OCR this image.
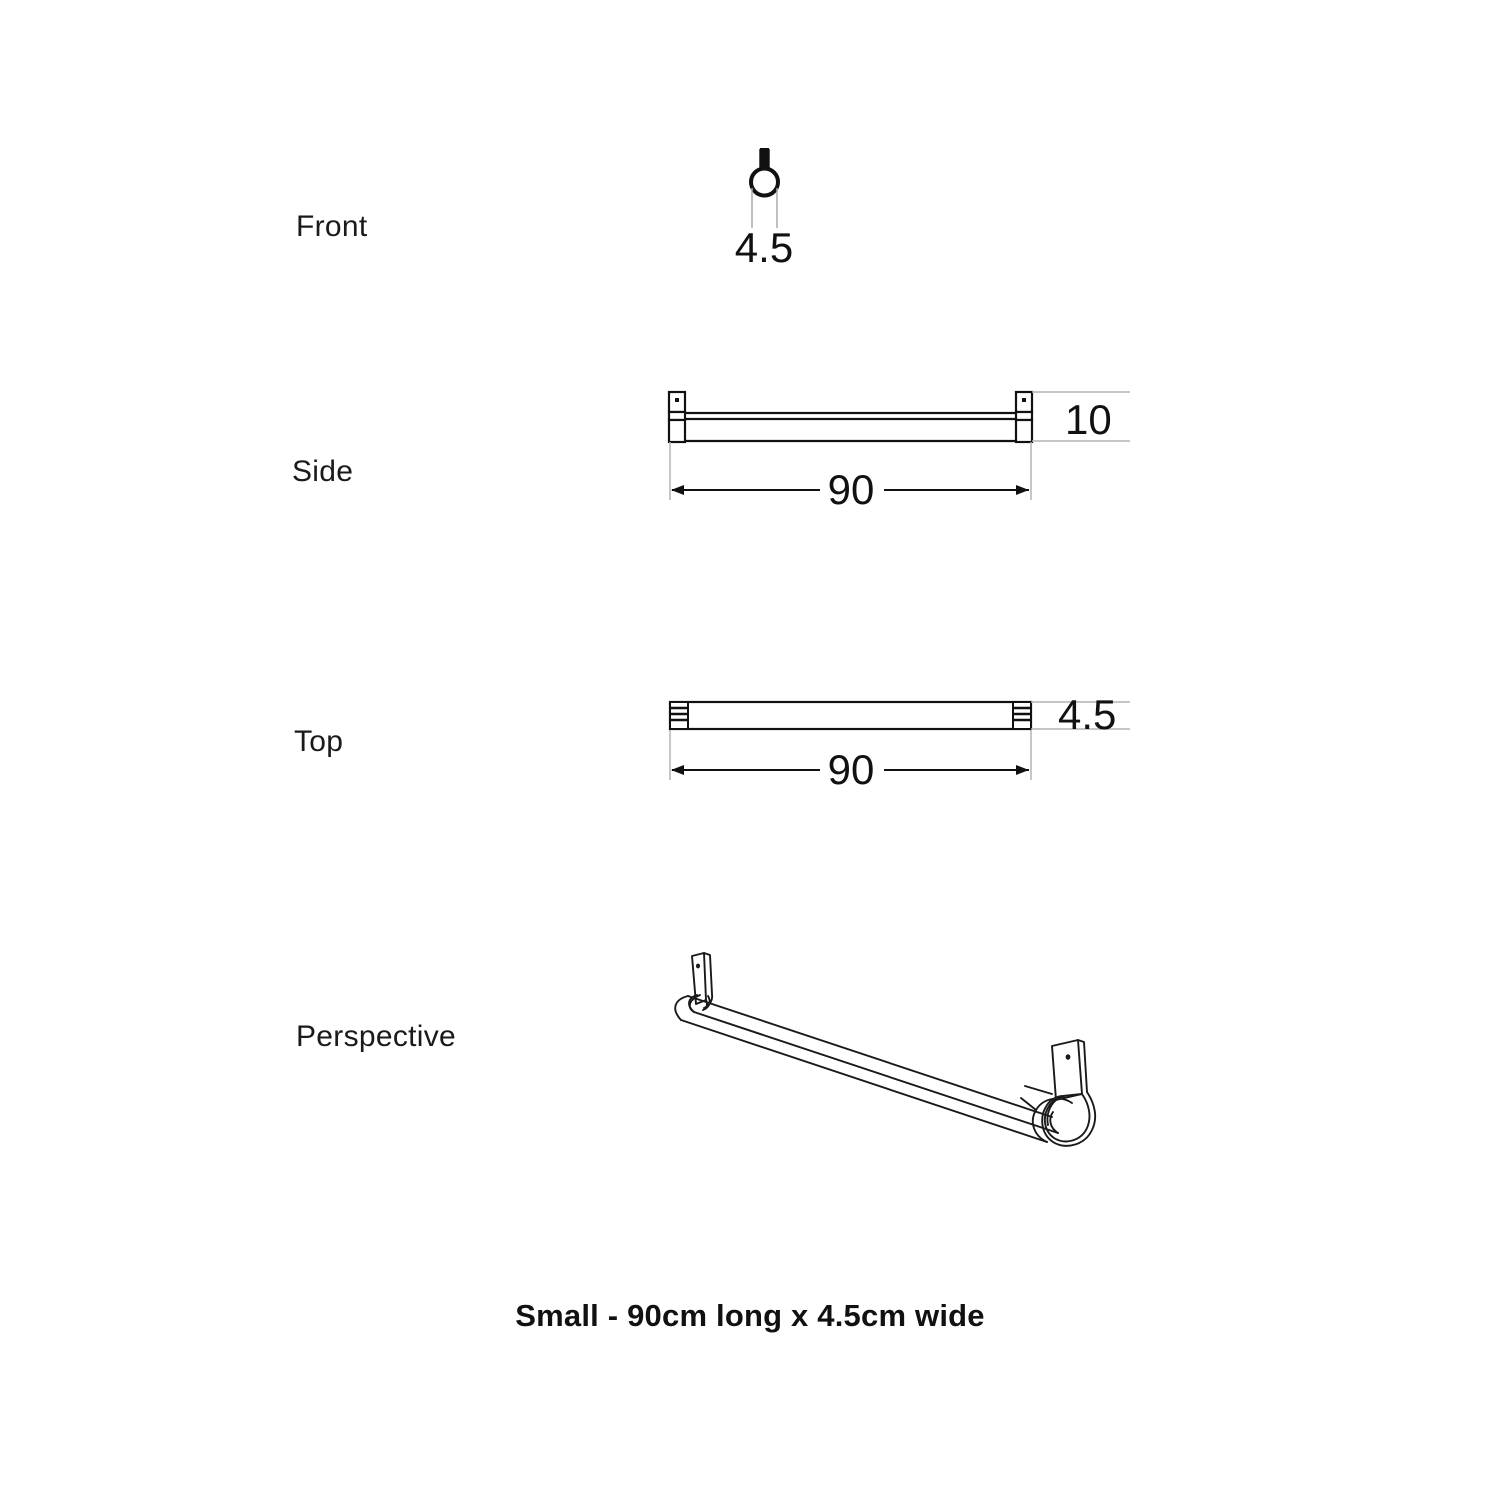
Front
Side
Top
Perspective
4.5
10
90
4.5
90
Small - 90cm long x 4.5cm wide
